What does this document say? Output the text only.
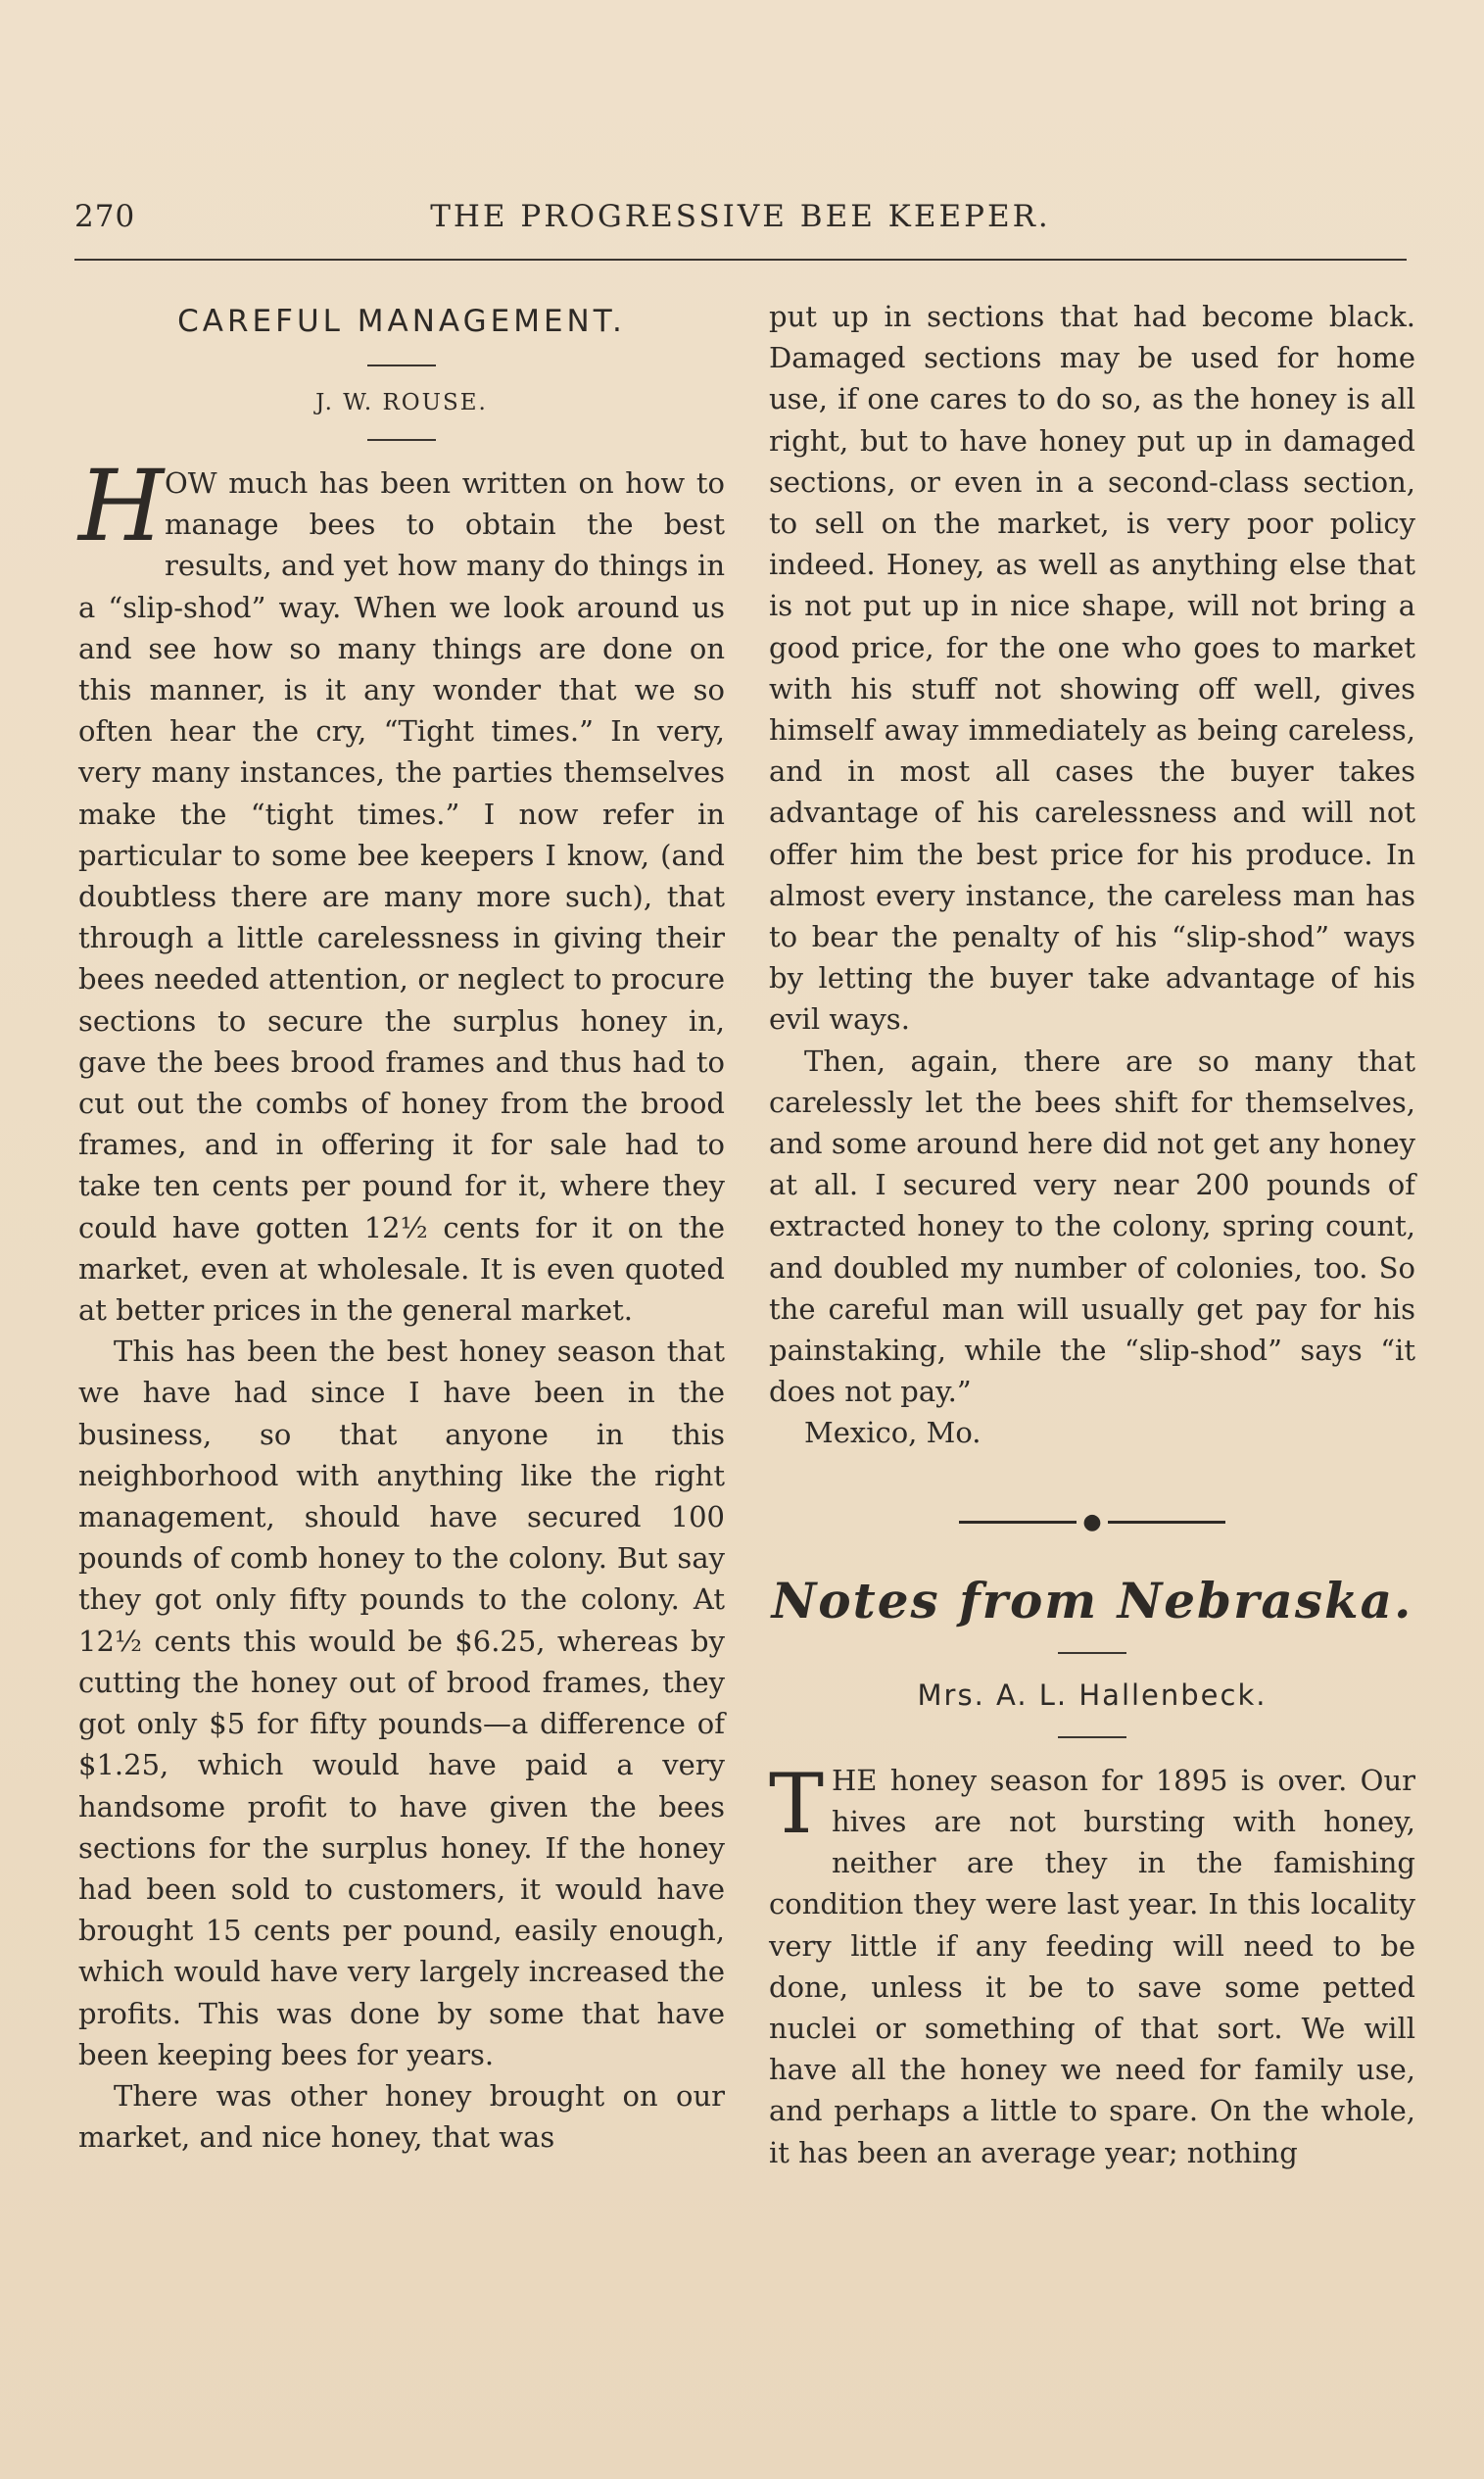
270	THE PROGRESSIVE BEE KEEPER.
CAREFUL MANAGEMENT.
J. W. ROUSE.

HOW much has been written on how to manage bees to obtain the best results, and yet how many do things in a “slip-shod” way. When we look around us and see how so many things are done on this manner, is it any wonder that we so often hear the cry, “Tight times.” In very, very many instances, the parties themselves make the “tight times.” I now refer in particular to some bee keepers I know, (and doubtless there are many more such), that through a little carelessness in giving their bees needed attention, or neglect to procure sections to secure the surplus honey in, gave the bees brood frames and thus had to cut out the combs of honey from the brood frames, and in offering it for sale had to take ten cents per pound for it, where they could have gotten 12½ cents for it on the market, even at wholesale. It is even quoted at better prices in the general market.

This has been the best honey season that we have had since I have been in the business, so that anyone in this neighborhood with anything like the right management, should have secured 100 pounds of comb honey to the colony. But say they got only fifty pounds to the colony. At 12½ cents this would be $6.25, whereas by cutting the honey out of brood frames, they got only $5 for fifty pounds—a difference of $1.25, which would have paid a very handsome profit to have given the bees sections for the surplus honey. If the honey had been sold to customers, it would have brought 15 cents per pound, easily enough, which would have very largely increased the profits. This was done by some that have been keeping bees for years.

There was other honey brought on our market, and nice honey, that was

put up in sections that had become black. Damaged sections may be used for home use, if one cares to do so, as the honey is all right, but to have honey put up in damaged sections, or even in a second-class section, to sell on the market, is very poor policy indeed. Honey, as well as anything else that is not put up in nice shape, will not bring a good price, for the one who goes to market with his stuff not showing off well, gives himself away immediately as being careless, and in most all cases the buyer takes advantage of his carelessness and will not offer him the best price for his produce. In almost every instance, the careless man has to bear the penalty of his “slip-shod” ways by letting the buyer take advantage of his evil ways.

Then, again, there are so many that carelessly let the bees shift for themselves, and some around here did not get any honey at all. I secured very near 200 pounds of extracted honey to the colony, spring count, and doubled my number of colonies, too. So the careful man will usually get pay for his painstaking, while the “slip-shod” says “it does not pay.”

Mexico, Mo.

●
Notes from Nebraska.
Mrs. A. L. Hallenbeck.

THE honey season for 1895 is over. Our hives are not bursting with honey, neither are they in the famishing condition they were last year. In this locality very little if any feeding will need to be done, unless it be to save some petted nuclei or something of that sort. We will have all the honey we need for family use, and perhaps a little to spare. On the whole, it has been an average year; nothing
